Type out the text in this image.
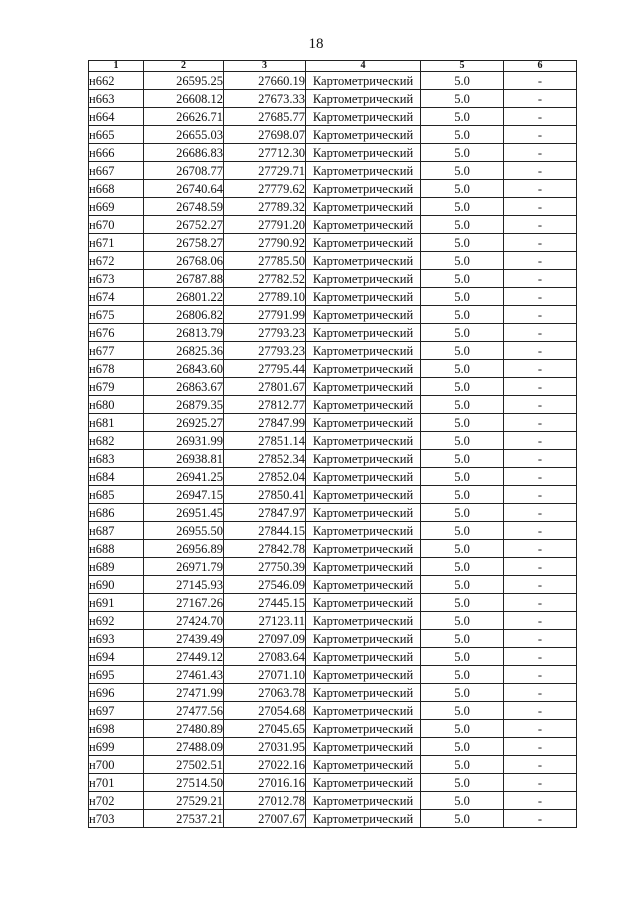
18
1	2	3	4	5	6
н662	26595.25	27660.19	Картометрический	5.0	-
н663	26608.12	27673.33	Картометрический	5.0	-
н664	26626.71	27685.77	Картометрический	5.0	-
н665	26655.03	27698.07	Картометрический	5.0	-
н666	26686.83	27712.30	Картометрический	5.0	-
н667	26708.77	27729.71	Картометрический	5.0	-
н668	26740.64	27779.62	Картометрический	5.0	-
н669	26748.59	27789.32	Картометрический	5.0	-
н670	26752.27	27791.20	Картометрический	5.0	-
н671	26758.27	27790.92	Картометрический	5.0	-
н672	26768.06	27785.50	Картометрический	5.0	-
н673	26787.88	27782.52	Картометрический	5.0	-
н674	26801.22	27789.10	Картометрический	5.0	-
н675	26806.82	27791.99	Картометрический	5.0	-
н676	26813.79	27793.23	Картометрический	5.0	-
н677	26825.36	27793.23	Картометрический	5.0	-
н678	26843.60	27795.44	Картометрический	5.0	-
н679	26863.67	27801.67	Картометрический	5.0	-
н680	26879.35	27812.77	Картометрический	5.0	-
н681	26925.27	27847.99	Картометрический	5.0	-
н682	26931.99	27851.14	Картометрический	5.0	-
н683	26938.81	27852.34	Картометрический	5.0	-
н684	26941.25	27852.04	Картометрический	5.0	-
н685	26947.15	27850.41	Картометрический	5.0	-
н686	26951.45	27847.97	Картометрический	5.0	-
н687	26955.50	27844.15	Картометрический	5.0	-
н688	26956.89	27842.78	Картометрический	5.0	-
н689	26971.79	27750.39	Картометрический	5.0	-
н690	27145.93	27546.09	Картометрический	5.0	-
н691	27167.26	27445.15	Картометрический	5.0	-
н692	27424.70	27123.11	Картометрический	5.0	-
н693	27439.49	27097.09	Картометрический	5.0	-
н694	27449.12	27083.64	Картометрический	5.0	-
н695	27461.43	27071.10	Картометрический	5.0	-
н696	27471.99	27063.78	Картометрический	5.0	-
н697	27477.56	27054.68	Картометрический	5.0	-
н698	27480.89	27045.65	Картометрический	5.0	-
н699	27488.09	27031.95	Картометрический	5.0	-
н700	27502.51	27022.16	Картометрический	5.0	-
н701	27514.50	27016.16	Картометрический	5.0	-
н702	27529.21	27012.78	Картометрический	5.0	-
н703	27537.21	27007.67	Картометрический	5.0	-
